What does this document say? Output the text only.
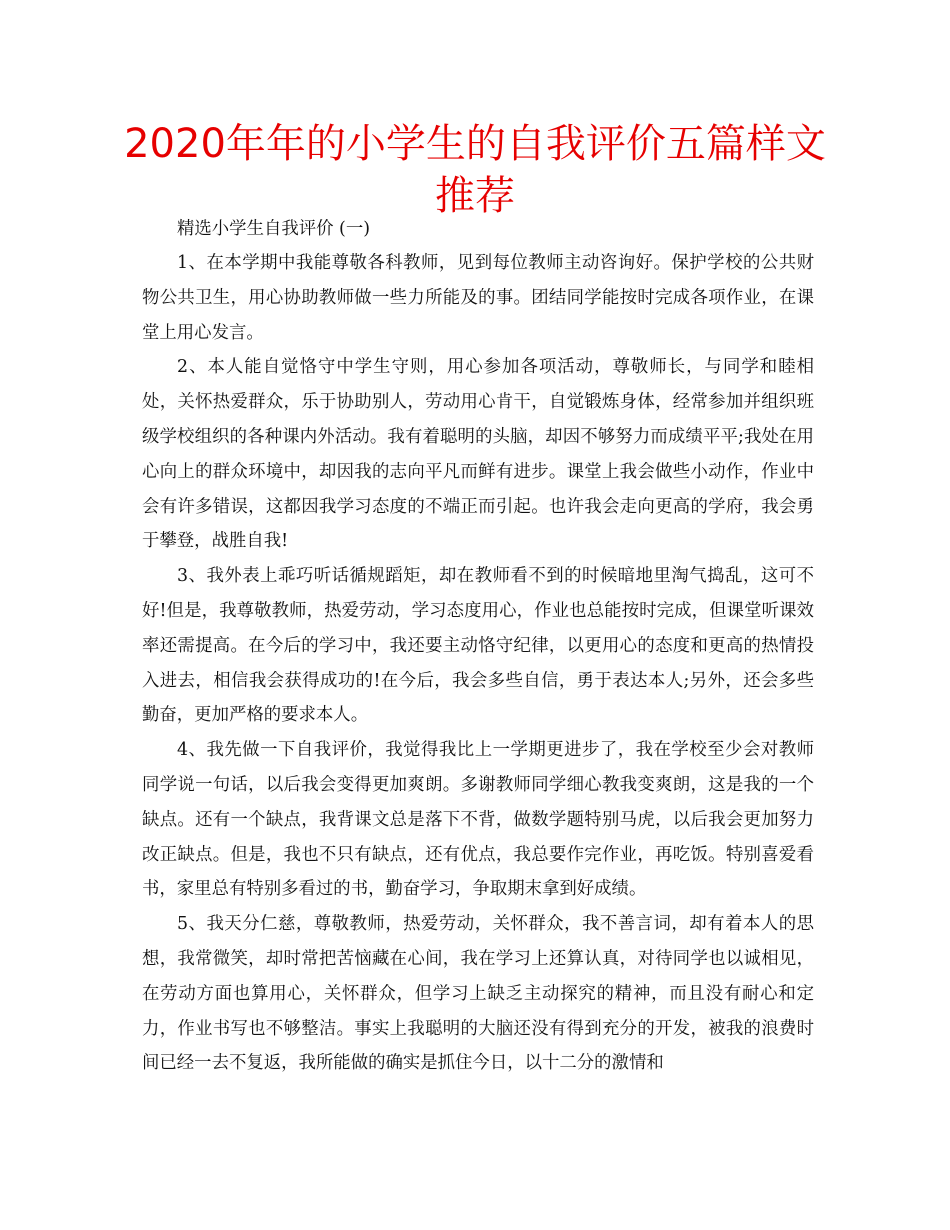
2020年年的小学生的自我评价五篇样文推荐

精选小学生自我评价 (一)

1、在本学期中我能尊敬各科教师，见到每位教师主动咨询好。保护学校的公共财物公共卫生，用心协助教师做一些力所能及的事。团结同学能按时完成各项作业，在课堂上用心发言。

2、本人能自觉恪守中学生守则，用心参加各项活动，尊敬师长，与同学和睦相处，关怀热爱群众，乐于协助别人，劳动用心肯干，自觉锻炼身体，经常参加并组织班级学校组织的各种课内外活动。我有着聪明的头脑，却因不够努力而成绩平平;我处在用心向上的群众环境中，却因我的志向平凡而鲜有进步。课堂上我会做些小动作，作业中会有许多错误，这都因我学习态度的不端正而引起。也许我会走向更高的学府，我会勇于攀登，战胜自我!

3、我外表上乖巧听话循规蹈矩，却在教师看不到的时候暗地里淘气捣乱，这可不好!但是，我尊敬教师，热爱劳动，学习态度用心，作业也总能按时完成，但课堂听课效率还需提高。在今后的学习中，我还要主动恪守纪律，以更用心的态度和更高的热情投入进去，相信我会获得成功的!在今后，我会多些自信，勇于表达本人;另外，还会多些勤奋，更加严格的要求本人。

4、我先做一下自我评价，我觉得我比上一学期更进步了，我在学校至少会对教师同学说一句话，以后我会变得更加爽朗。多谢教师同学细心教我变爽朗，这是我的一个缺点。还有一个缺点，我背课文总是落下不背，做数学题特别马虎，以后我会更加努力改正缺点。但是，我也不只有缺点，还有优点，我总要作完作业，再吃饭。特别喜爱看书，家里总有特别多看过的书，勤奋学习，争取期末拿到好成绩。

5、我天分仁慈，尊敬教师，热爱劳动，关怀群众，我不善言词，却有着本人的思想，我常微笑，却时常把苦恼藏在心间，我在学习上还算认真，对待同学也以诚相见，在劳动方面也算用心，关怀群众，但学习上缺乏主动探究的精神，而且没有耐心和定力，作业书写也不够整洁。事实上我聪明的大脑还没有得到充分的开发，被我的浪费时间已经一去不复返，我所能做的确实是抓住今日，以十二分的激情和
